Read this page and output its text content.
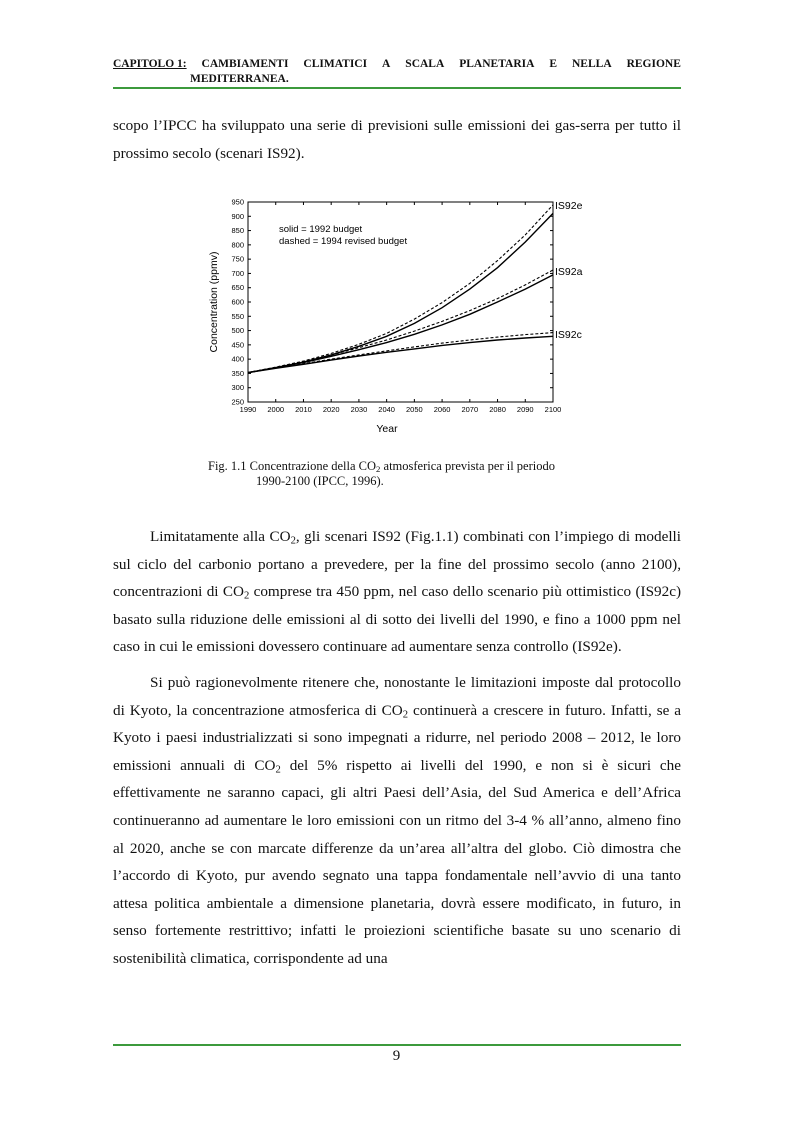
CAPITOLO 1: CAMBIAMENTI CLIMATICI A SCALA PLANETARIA E NELLA REGIONE
MEDITERRANEA.

scopo l’IPCC ha sviluppato una serie di previsioni sulle emissioni dei gas-serra per tutto il prossimo secolo (scenari IS92).

1990 2000 2010 2020 2030 2040 2050 2060 2070 2080 2090 2100
250
300
350
400
450
500
550
600
650
700
750
800
850
900
950
solid = 1992 budget
dashed = 1994 revised budget
IS92e
IS92a
IS92c
Year
Concentration (ppmv)
Fig. 1.1 Concentrazione della $CO_2$ atmosferica prevista per il periodo
1990-2100 (IPCC, 1996).

Limitatamente alla $CO_2$, gli scenari IS92 (Fig.1.1) combinati con l’impiego di modelli sul ciclo del carbonio portano a prevedere, per la fine del prossimo secolo (anno 2100), concentrazioni di $CO_2$ comprese tra 450 ppm, nel caso dello scenario più ottimistico (IS92c) basato sulla riduzione delle emissioni al di sotto dei livelli del 1990, e fino a 1000 ppm nel caso in cui le emissioni dovessero continuare ad aumentare senza controllo (IS92e).

Si può ragionevolmente ritenere che, nonostante le limitazioni imposte dal protocollo di Kyoto, la concentrazione atmosferica di $CO_2$ continuerà a crescere in futuro. Infatti, se a Kyoto i paesi industrializzati si sono impegnati a ridurre, nel periodo 2008 – 2012, le loro emissioni annuali di $CO_2$ del 5% rispetto ai livelli del 1990, e non si è sicuri che effettivamente ne saranno capaci, gli altri Paesi dell’Asia, del Sud America e dell’Africa continueranno ad aumentare le loro emissioni con un ritmo del 3-4 % all’anno, almeno fino al 2020, anche se con marcate differenze da un’area all’altra del globo. Ciò dimostra che l’accordo di Kyoto, pur avendo segnato una tappa fondamentale nell’avvio di una tanto attesa politica ambientale a dimensione planetaria, dovrà essere modificato, in futuro, in senso fortemente restrittivo; infatti le proiezioni scientifiche basate su uno scenario di sostenibilità climatica, corrispondente ad una

9
